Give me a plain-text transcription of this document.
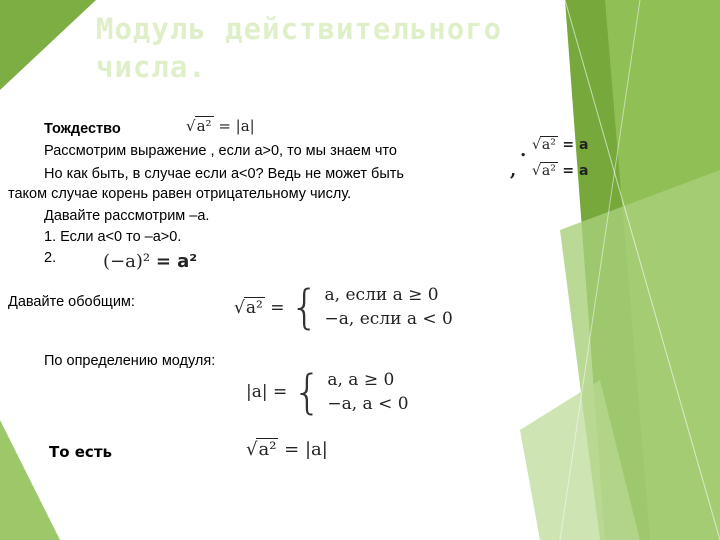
Модуль действительного
числа.
Тождество
Рассмотрим выражение , если a>0, то мы знаем что
Но как быть, в случае если a<0? Ведь не может быть
таком случае корень равен отрицательному числу.
Давайте рассмотрим –a.
1. Если a<0 то –a>0.
2.
Давайте обобщим:
По определению модуля:
То есть
√a² = |a|
. √a² = a
, √a² = a
(−a)² = a²
√a² = { a, если a ≥ 0
−a, если a < 0
|a| = { a, a ≥ 0
−a, a < 0
√a² = |a|
